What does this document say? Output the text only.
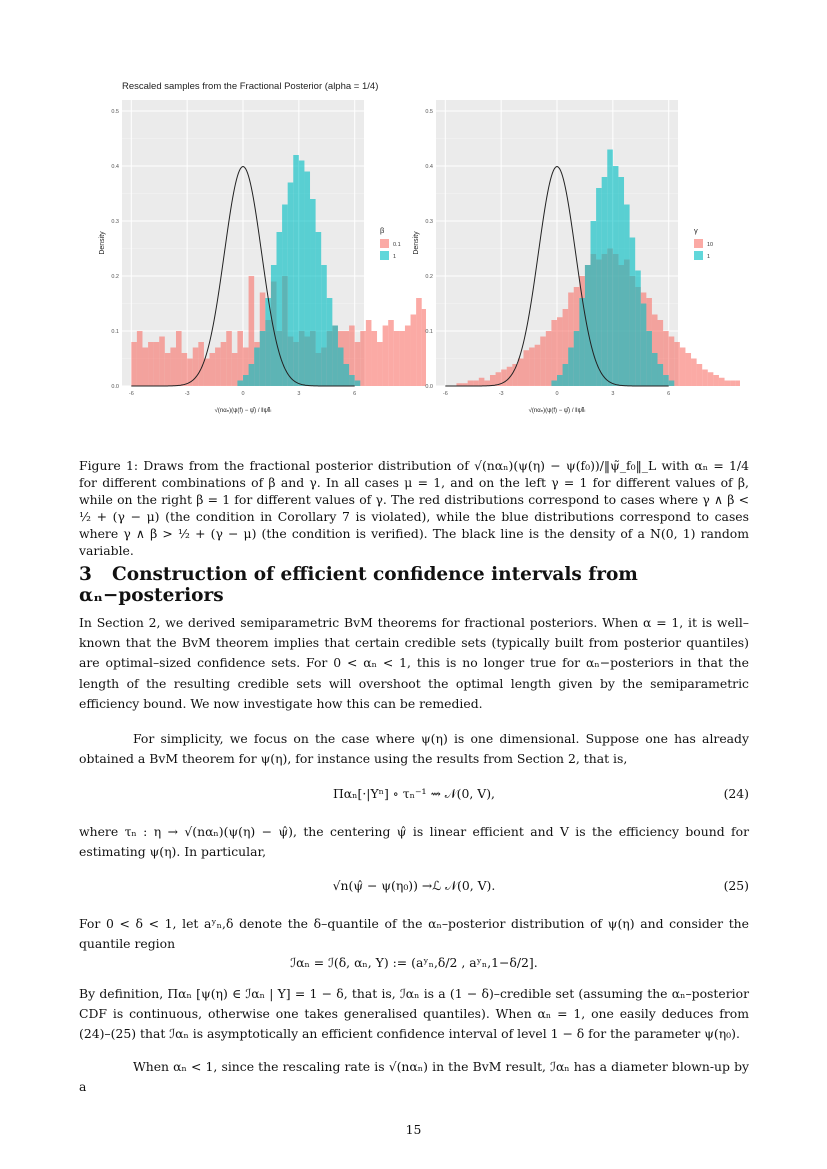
Rescaled samples from the Fractional Posterior (alpha = 1/4)
0.0
0.1
0.2
0.3
0.4
0.5
-6	-3	0	3	6
Density
√(nαₙ)(ψ(f) − ψ̂) / ‖ψ̃‖ₗ
β
0.1
1
0.0
0.1
0.2
0.3
0.4
0.5
-6	-3	0	3	6
Density
√(nαₙ)(ψ(f) − ψ̂) / ‖ψ̃‖ₗ
γ
10
1
Figure 1: Draws from the fractional posterior distribution of √(nαₙ)(ψ(η) − ψ(f₀))/‖ψ̃_f₀‖_L with αₙ = 1/4 for different combinations of β and γ. In all cases μ = 1, and on the left γ = 1 for different values of β, while on the right β = 1 for different values of γ. The red distributions correspond to cases where γ ∧ β < ½ + (γ − μ) (the condition in Corollary 7 is violated), while the blue distributions correspond to cases where γ ∧ β > ½ + (γ − μ) (the condition is verified). The black line is the density of a N(0, 1) random variable.
3 Construction of efficient confidence intervals from αₙ−posteriors

In Section 2, we derived semiparametric BvM theorems for fractional posteriors. When α = 1, it is well–known that the BvM theorem implies that certain credible sets (typically built from posterior quantiles) are optimal–sized confidence sets. For 0 < αₙ < 1, this is no longer true for αₙ−posteriors in that the length of the resulting credible sets will overshoot the optimal length given by the semiparametric efficiency bound. We now investigate how this can be remedied.

For simplicity, we focus on the case where ψ(η) is one dimensional. Suppose one has already obtained a BvM theorem for ψ(η), for instance using the results from Section 2, that is,

Παₙ[·|Yⁿ] ∘ τₙ⁻¹ ⇝ 𝒩(0, V),	(24)

where τₙ : η → √(nαₙ)(ψ(η) − ψ̂), the centering ψ̂ is linear efficient and V is the efficiency bound for estimating ψ(η). In particular,

√n(ψ̂ − ψ(η₀)) →ℒ 𝒩(0, V).	(25)

For 0 < δ < 1, let aʸₙ,δ denote the δ–quantile of the αₙ–posterior distribution of ψ(η) and consider the quantile region

ℐαₙ = ℐ(δ, αₙ, Y) := (aʸₙ,δ/2 , aʸₙ,1−δ/2].

By definition, Παₙ [ψ(η) ∈ ℐαₙ | Y] = 1 − δ, that is, ℐαₙ is a (1 − δ)–credible set (assuming the αₙ–posterior CDF is continuous, otherwise one takes generalised quantiles). When αₙ = 1, one easily deduces from (24)–(25) that ℐαₙ is asymptotically an efficient confidence interval of level 1 − δ for the parameter ψ(η₀).

When αₙ < 1, since the rescaling rate is √(nαₙ) in the BvM result, ℐαₙ has a diameter blown-up by a

15
